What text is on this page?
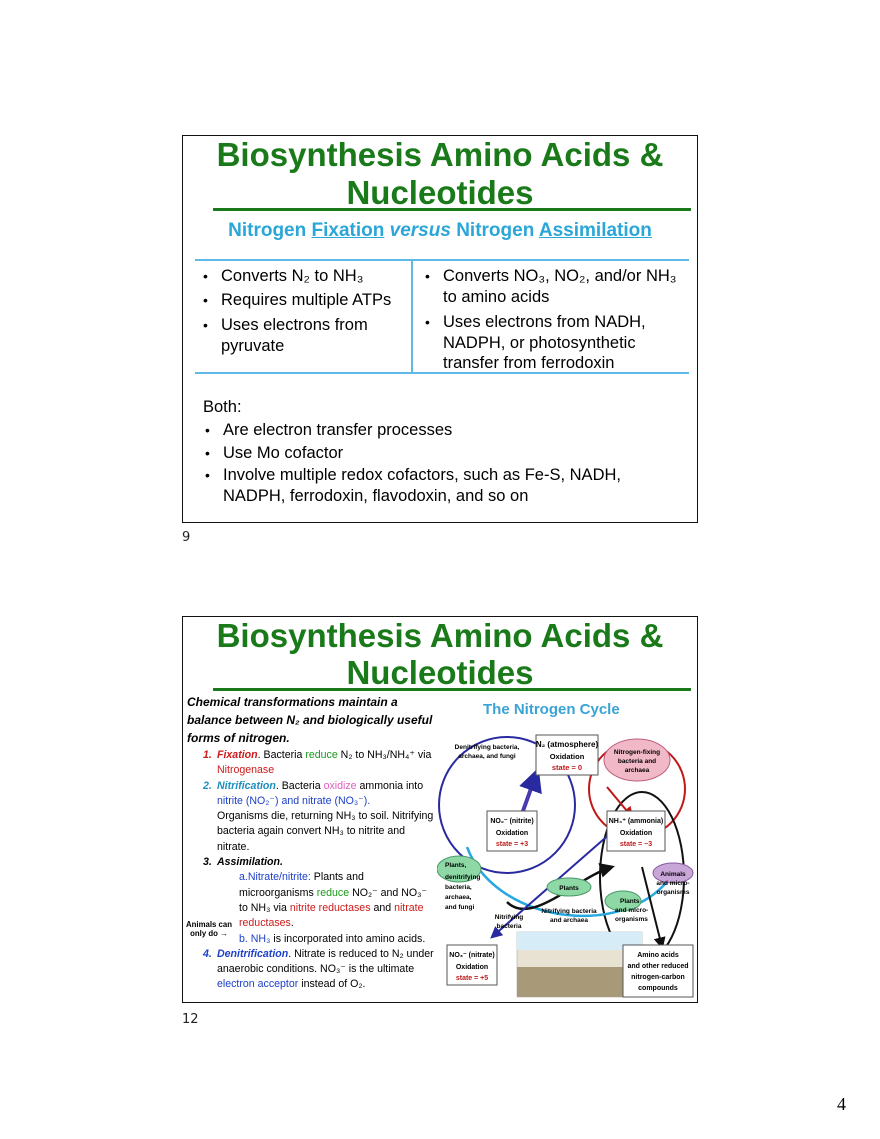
Biosynthesis Amino Acids &
Nucleotides
Nitrogen Fixation versus Nitrogen Assimilation
• Converts N₂ to NH₃
• Requires multiple ATPs
• Uses electrons from pyruvate
• Converts NO₃, NO₂, and/or NH₃ to amino acids
• Uses electrons from NADH, NADPH, or photosynthetic transfer from ferrodoxin
Both:
• Are electron transfer processes
• Use Mo cofactor
• Involve multiple redox cofactors, such as Fe-S, NADH, NADPH, ferrodoxin, flavodoxin, and so on
9
Biosynthesis Amino Acids &
Nucleotides
Chemical transformations maintain a balance between N₂ and biologically useful forms of nitrogen.
1. Fixation. Bacteria reduce N₂ to NH₃/NH₄⁺ via Nitrogenase
2. Nitrification. Bacteria oxidize ammonia into nitrite (NO₂⁻) and nitrate (NO₃⁻).
Organisms die, returning NH₃ to soil. Nitrifying bacteria again convert NH₃ to nitrite and nitrate.
3. Assimilation.
a.Nitrate/nitrite: Plants and microorganisms reduce NO₂⁻ and NO₃⁻ to NH₃ via nitrite reductases and nitrate reductases.
b. NH₃ is incorporated into amino acids.
4. Denitrification. Nitrate is reduced to N₂ under anaerobic conditions. NO₃⁻ is the ultimate electron acceptor instead of O₂.
Animals can only do →
The Nitrogen Cycle
N₂ (atmosphere)
Oxidation
state = 0
NO₂⁻ (nitrite)
Oxidation
state = +3
NH₄⁺ (ammonia)
Oxidation
state = −3
NO₃⁻ (nitrate)
Oxidation
state = +5
Amino acids
and other reduced
nitrogen-carbon
compounds
Nitrogen-fixing
bacteria and
archaea
Denitrifying bacteria,
archaea, and fungi
Plants,
denitrifying
bacteria,
archaea,
and fungi
Plants
Plants
and micro-
organisms
Animals
and micro-
organisms
Nitrifying
bacteria
Nitrifying bacteria
and archaea
12
4
